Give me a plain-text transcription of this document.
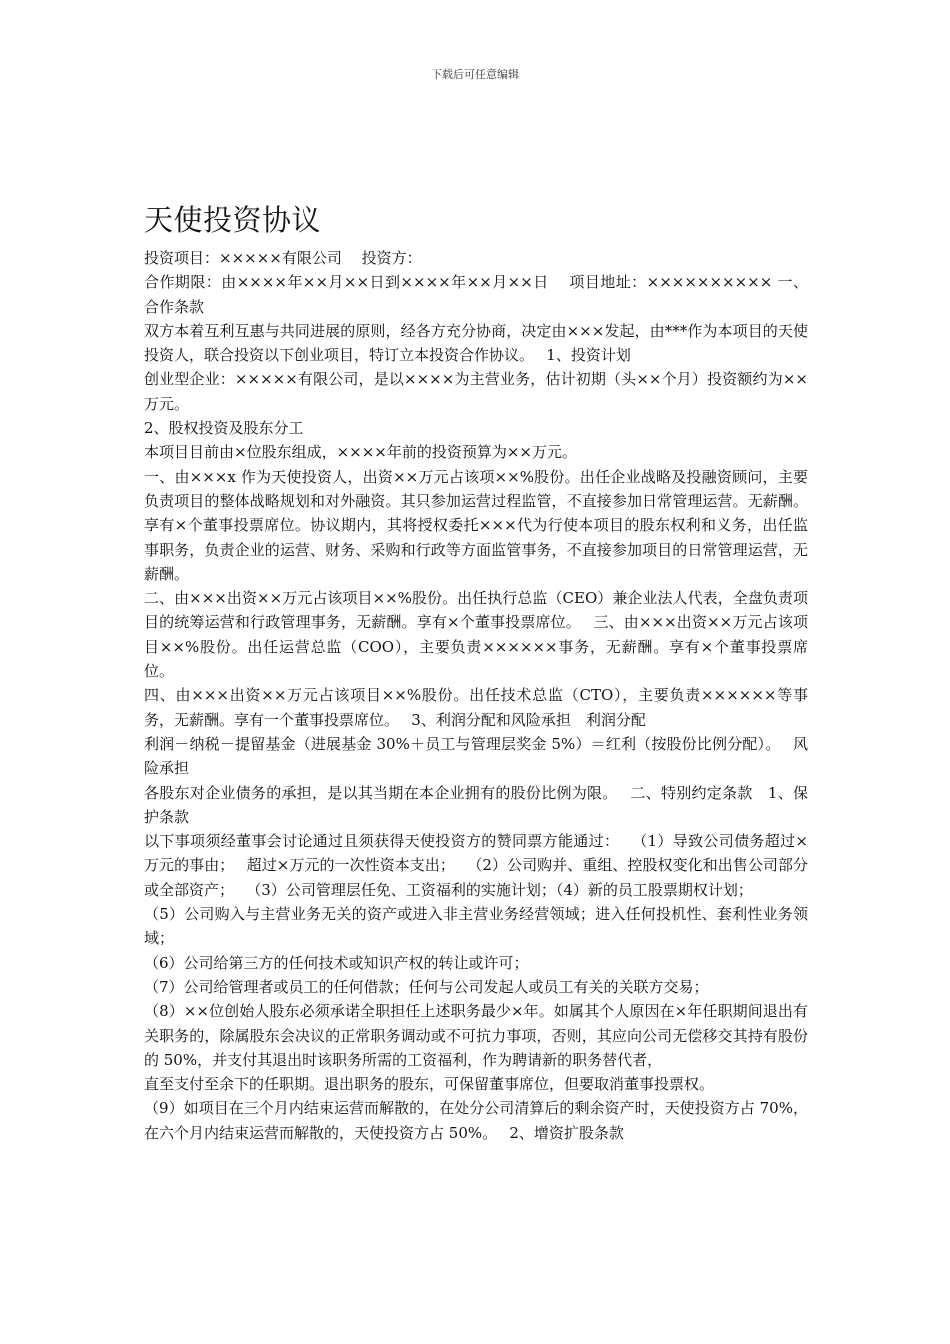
下载后可任意编辑
天使投资协议

投资项目：×××××有限公司　 投资方：

合作期限：由××××年××月××日到××××年××月××日　 项目地址：×××××××××× 一、合作条款

双方本着互利互惠与共同进展的原则，经各方充分协商，决定由×××发起，由***作为本项目的天使投资人，联合投资以下创业项目，特订立本投资合作协议。　 1、投资计划

创业型企业：×××××有限公司，是以××××为主营业务，估计初期（头××个月）投资额约为××万元。

2、股权投资及股东分工

本项目目前由×位股东组成，××××年前的投资预算为××万元。

一、由×××x 作为天使投资人，出资××万元占该项××%股份。出任企业战略及投融资顾问，主要负责项目的整体战略规划和对外融资。其只参加运营过程监管，不直接参加日常管理运营。无薪酬。享有×个董事投票席位。协议期内，其将授权委托×××代为行使本项目的股东权利和义务，出任监事职务，负责企业的运营、财务、采购和行政等方面监管事务，不直接参加项目的日常管理运营，无薪酬。

二、由×××出资××万元占该项目××%股份。出任执行总监（CEO）兼企业法人代表，全盘负责项目的统筹运营和行政管理事务，无薪酬。享有×个董事投票席位。　 三、由×××出资××万元占该项目××%股份。出任运营总监（COO），主要负责××××××事务，无薪酬。享有×个董事投票席位。

四、由×××出资××万元占该项目××%股份。出任技术总监（CTO），主要负责××××××等事务，无薪酬。享有一个董事投票席位。　 3、利润分配和风险承担　利润分配

利润－纳税－提留基金（进展基金 30%＋员工与管理层奖金 5%）＝红利（按股份比例分配）。　 风险承担

各股东对企业债务的承担，是以其当期在本企业拥有的股份比例为限。　 二、特别约定条款　1、保护条款

以下事项须经董事会讨论通过且须获得天使投资方的赞同票方能通过：　 （1）导致公司债务超过×万元的事由；　 超过×万元的一次性资本支出；　 （2）公司购并、重组、控股权变化和出售公司部分或全部资产；　 （3）公司管理层任免、工资福利的实施计划；（4）新的员工股票期权计划；

（5）公司购入与主营业务无关的资产或进入非主营业务经营领域；进入任何投机性、套利性业务领域；

（6）公司给第三方的任何技术或知识产权的转让或许可；

（7）公司给管理者或员工的任何借款；任何与公司发起人或员工有关的关联方交易；

（8）××位创始人股东必须承诺全职担任上述职务最少×年。如属其个人原因在×年任职期间退出有关职务的，除属股东会决议的正常职务调动或不可抗力事项，否则，其应向公司无偿移交其持有股份的 50%，并支付其退出时该职务所需的工资福利，作为聘请新的职务替代者，

直至支付至余下的任职期。退出职务的股东，可保留董事席位，但要取消董事投票权。

（9）如项目在三个月内结束运营而解散的，在处分公司清算后的剩余资产时，天使投资方占 70%，在六个月内结束运营而解散的，天使投资方占 50%。　 2、增资扩股条款
